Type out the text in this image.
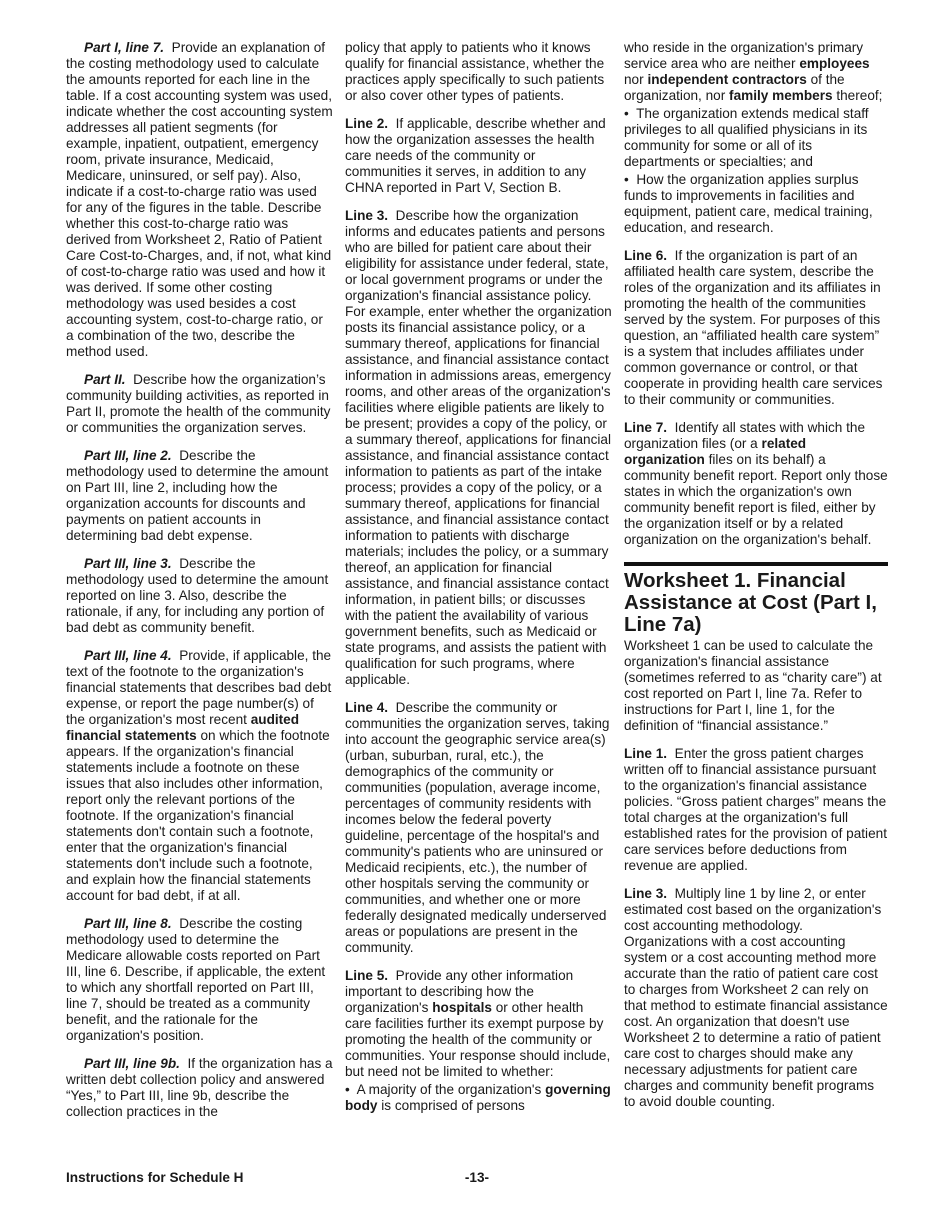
Part I, line 7. Provide an explanation of the costing methodology used to calculate the amounts reported for each line in the table. If a cost accounting system was used, indicate whether the cost accounting system addresses all patient segments (for example, inpatient, outpatient, emergency room, private insurance, Medicaid, Medicare, uninsured, or self pay). Also, indicate if a cost-to-charge ratio was used for any of the figures in the table. Describe whether this cost-to-charge ratio was derived from Worksheet 2, Ratio of Patient Care Cost-to-Charges, and, if not, what kind of cost-to-charge ratio was used and how it was derived. If some other costing methodology was used besides a cost accounting system, cost-to-charge ratio, or a combination of the two, describe the method used.

Part II. Describe how the organization’s community building activities, as reported in Part II, promote the health of the community or communities the organization serves.

Part III, line 2. Describe the methodology used to determine the amount on Part III, line 2, including how the organization accounts for discounts and payments on patient accounts in determining bad debt expense.

Part III, line 3. Describe the methodology used to determine the amount reported on line 3. Also, describe the rationale, if any, for including any portion of bad debt as community benefit.

Part III, line 4. Provide, if applicable, the text of the footnote to the organization's financial statements that describes bad debt expense, or report the page number(s) of the organization's most recent audited financial statements on which the footnote appears. If the organization's financial statements include a footnote on these issues that also includes other information, report only the relevant portions of the footnote. If the organization's financial statements don't contain such a footnote, enter that the organization's financial statements don't include such a footnote, and explain how the financial statements account for bad debt, if at all.

Part III, line 8. Describe the costing methodology used to determine the Medicare allowable costs reported on Part III, line 6. Describe, if applicable, the extent to which any shortfall reported on Part III, line 7, should be treated as a community benefit, and the rationale for the organization's position.

Part III, line 9b. If the organization has a written debt collection policy and answered “Yes,” to Part III, line 9b, describe the collection practices in the

policy that apply to patients who it knows qualify for financial assistance, whether the practices apply specifically to such patients or also cover other types of patients.

Line 2. If applicable, describe whether and how the organization assesses the health care needs of the community or communities it serves, in addition to any CHNA reported in Part V, Section B.

Line 3. Describe how the organization informs and educates patients and persons who are billed for patient care about their eligibility for assistance under federal, state, or local government programs or under the organization's financial assistance policy. For example, enter whether the organization posts its financial assistance policy, or a summary thereof, applications for financial assistance, and financial assistance contact information in admissions areas, emergency rooms, and other areas of the organization's facilities where eligible patients are likely to be present; provides a copy of the policy, or a summary thereof, applications for financial assistance, and financial assistance contact information to patients as part of the intake process; provides a copy of the policy, or a summary thereof, applications for financial assistance, and financial assistance contact information to patients with discharge materials; includes the policy, or a summary thereof, an application for financial assistance, and financial assistance contact information, in patient bills; or discusses with the patient the availability of various government benefits, such as Medicaid or state programs, and assists the patient with qualification for such programs, where applicable.

Line 4. Describe the community or communities the organization serves, taking into account the geographic service area(s) (urban, suburban, rural, etc.), the demographics of the community or communities (population, average income, percentages of community residents with incomes below the federal poverty guideline, percentage of the hospital's and community's patients who are uninsured or Medicaid recipients, etc.), the number of other hospitals serving the community or communities, and whether one or more federally designated medically underserved areas or populations are present in the community.

Line 5. Provide any other information important to describing how the organization's hospitals or other health care facilities further its exempt purpose by promoting the health of the community or communities. Your response should include, but need not be limited to whether:

• A majority of the organization's governing body is comprised of persons

who reside in the organization's primary service area who are neither employees nor independent contractors of the organization, nor family members thereof;

• The organization extends medical staff privileges to all qualified physicians in its community for some or all of its departments or specialties; and

• How the organization applies surplus funds to improvements in facilities and equipment, patient care, medical training, education, and research.

Line 6. If the organization is part of an affiliated health care system, describe the roles of the organization and its affiliates in promoting the health of the communities served by the system. For purposes of this question, an “affiliated health care system” is a system that includes affiliates under common governance or control, or that cooperate in providing health care services to their community or communities.

Line 7. Identify all states with which the organization files (or a related organization files on its behalf) a community benefit report. Report only those states in which the organization's own community benefit report is filed, either by the organization itself or by a related organization on the organization's behalf.

Worksheet 1. Financial Assistance at Cost (Part I, Line 7a)

Worksheet 1 can be used to calculate the organization's financial assistance (sometimes referred to as “charity care”) at cost reported on Part I, line 7a. Refer to instructions for Part I, line 1, for the definition of “financial assistance.”

Line 1. Enter the gross patient charges written off to financial assistance pursuant to the organization's financial assistance policies. “Gross patient charges” means the total charges at the organization's full established rates for the provision of patient care services before deductions from revenue are applied.

Line 3. Multiply line 1 by line 2, or enter estimated cost based on the organization's cost accounting methodology. Organizations with a cost accounting system or a cost accounting method more accurate than the ratio of patient care cost to charges from Worksheet 2 can rely on that method to estimate financial assistance cost. An organization that doesn't use Worksheet 2 to determine a ratio of patient care cost to charges should make any necessary adjustments for patient care charges and community benefit programs to avoid double counting.

Instructions for Schedule H	-13-
